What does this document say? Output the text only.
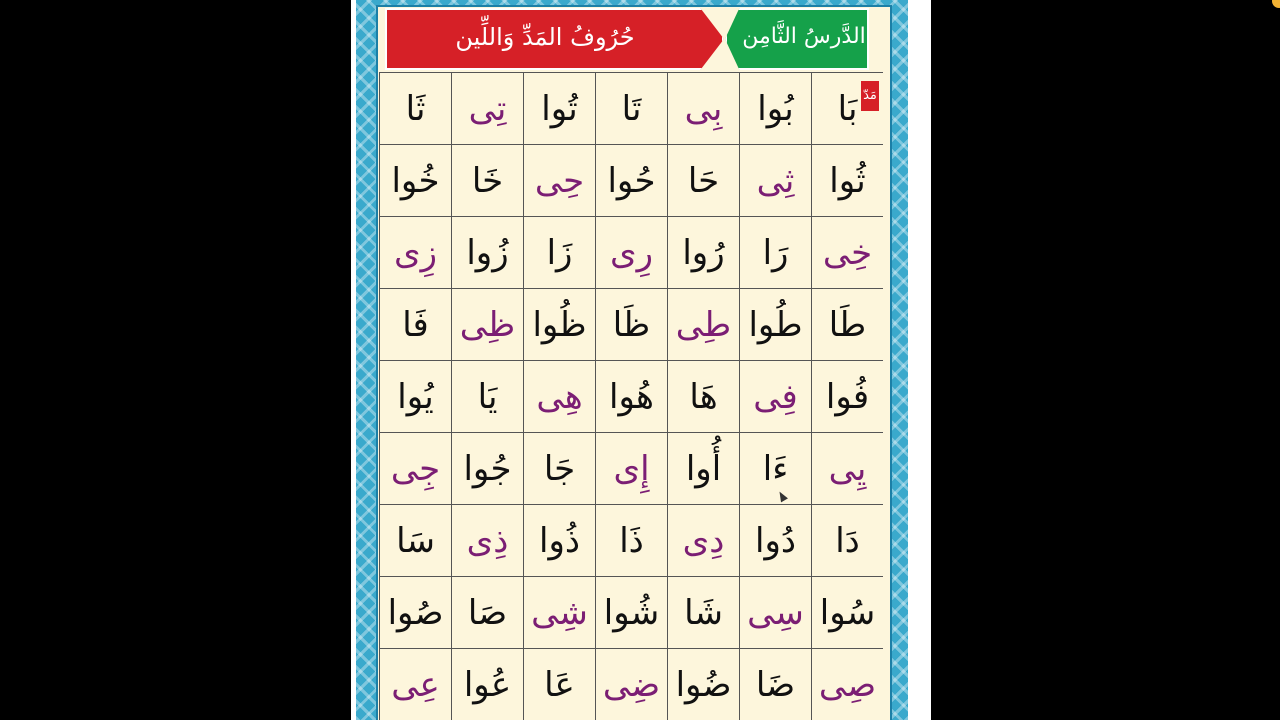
حُرُوفُ المَدِّ وَاللِّين	الدَّرسُ الثَّامِن
بَا مَدّ
بُوا
بِى
تَا
تُوا
تِى
ثَا
ثُوا
ثِى
حَا
حُوا
حِى
خَا
خُوا
خِى
رَا
رُوا
رِى
زَا
زُوا
زِى
طَا
طُوا
طِى
ظَا
ظُوا
ظِى
فَا
فُوا
فِى
هَا
هُوا
هِى
يَا
يُوا
يِى
ءَا
أُوا
إِى
جَا
جُوا
جِى
دَا
دُوا
دِى
ذَا
ذُوا
ذِى
سَا
سُوا
سِى
شَا
شُوا
شِى
صَا
صُوا
صِى
ضَا
ضُوا
ضِى
عَا
عُوا
عِى
